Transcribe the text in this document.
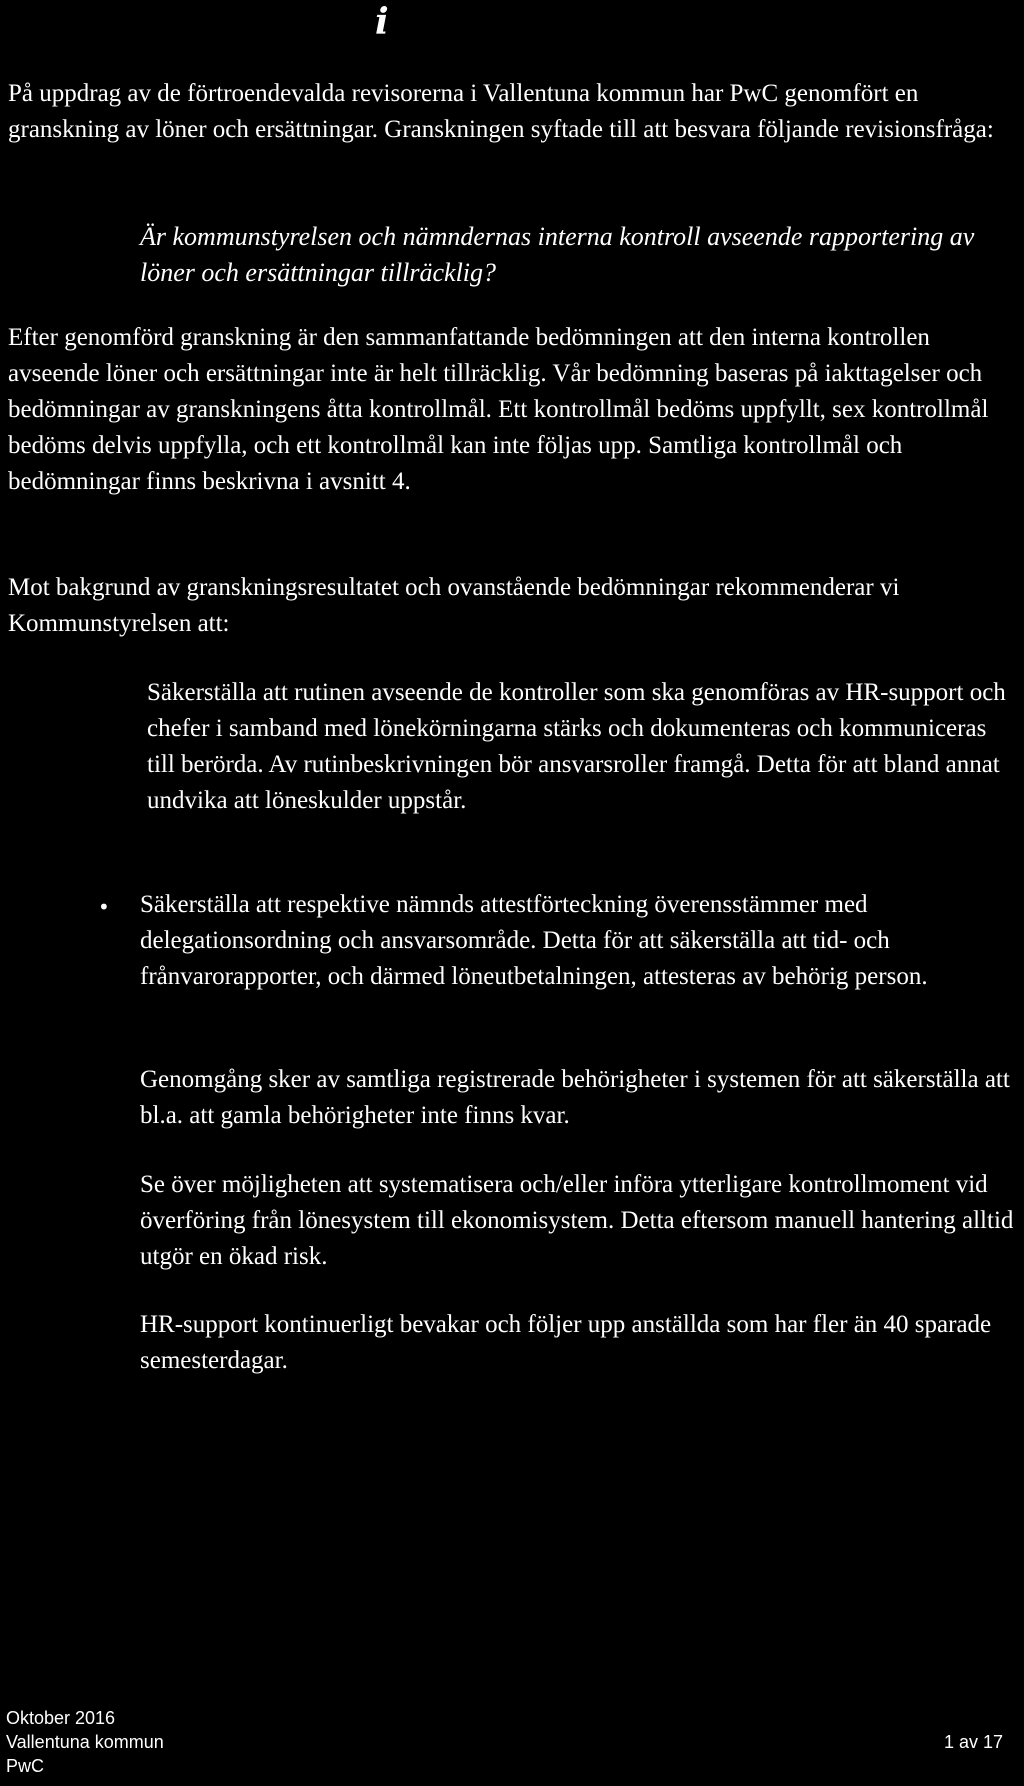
i

På uppdrag av de förtroendevalda revisorerna i Vallentuna kommun har PwC genomfört en granskning av löner och ersättningar. Granskningen syftade till att besvara följande revisionsfråga:

Är kommunstyrelsen och nämndernas interna kontroll avseende rapportering av löner och ersättningar tillräcklig?

Efter genomförd granskning är den sammanfattande bedömningen att den interna kontrollen avseende löner och ersättningar inte är helt tillräcklig. Vår bedömning baseras på iakttagelser och bedömningar av granskningens åtta kontrollmål. Ett kontrollmål bedöms uppfyllt, sex kontrollmål bedöms delvis uppfylla, och ett kontrollmål kan inte följas upp. Samtliga kontrollmål och bedömningar finns beskrivna i avsnitt 4.

Mot bakgrund av granskningsresultatet och ovanstående bedömningar rekommenderar vi Kommunstyrelsen att:

Säkerställa att rutinen avseende de kontroller som ska genomföras av HR-support och chefer i samband med lönekörningarna stärks och dokumenteras och kommuniceras till berörda. Av rutinbeskrivningen bör ansvarsroller framgå. Detta för att bland annat undvika att löneskulder uppstår.

• Säkerställa att respektive nämnds attestförteckning överensstämmer med delegationsordning och ansvarsområde. Detta för att säkerställa att tid- och frånvarorapporter, och därmed löneutbetalningen, attesteras av behörig person.

Genomgång sker av samtliga registrerade behörigheter i systemen för att säkerställa att bl.a. att gamla behörigheter inte finns kvar.

Se över möjligheten att systematisera och/eller införa ytterligare kontrollmoment vid överföring från lönesystem till ekonomisystem. Detta eftersom manuell hantering alltid utgör en ökad risk.

HR-support kontinuerligt bevakar och följer upp anställda som har fler än 40 sparade semesterdagar.

Oktober 2016
Vallentuna kommun
PwC
1 av 17
